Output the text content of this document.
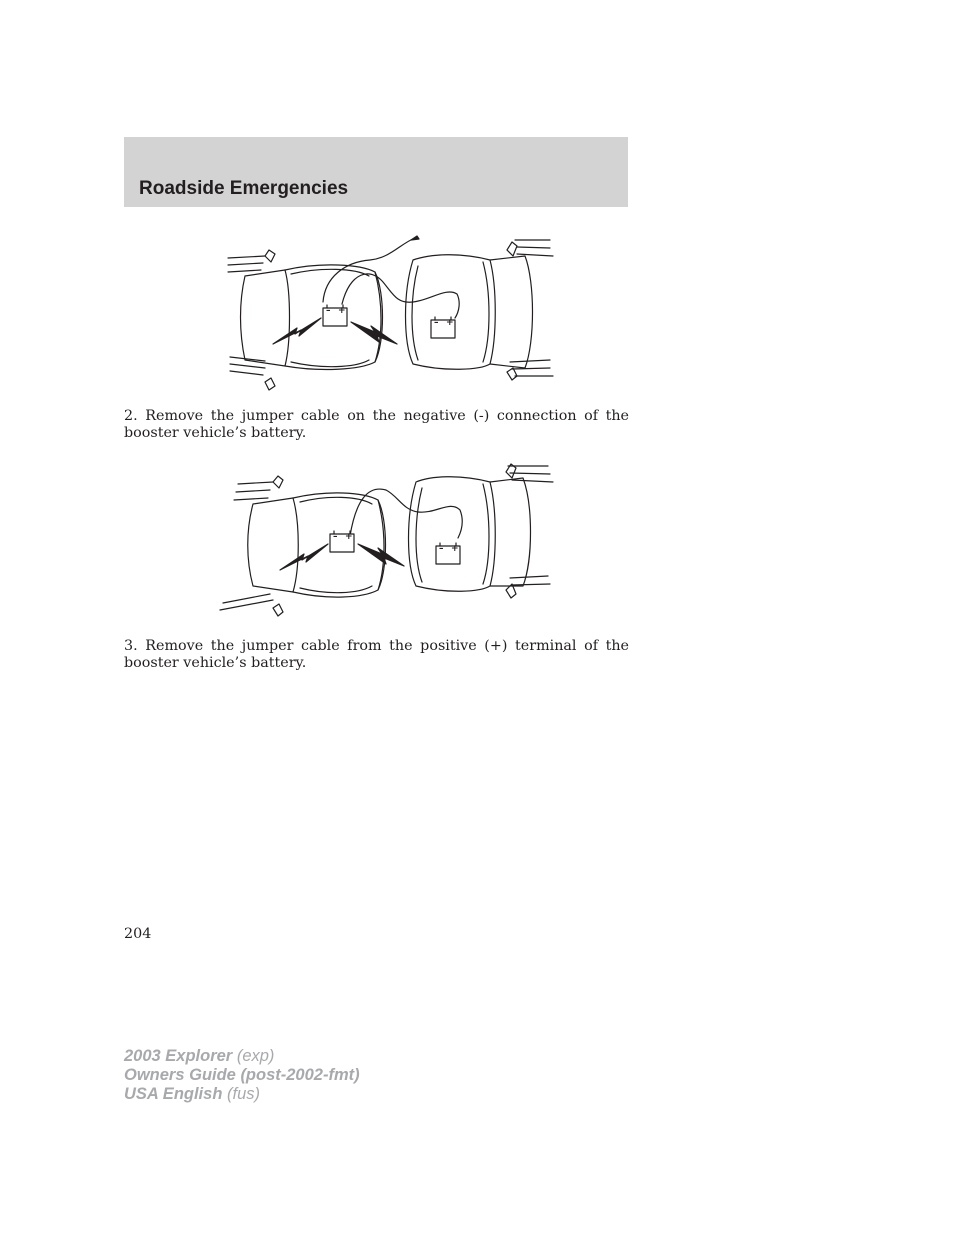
Roadside Emergencies
– +
– +

2. Remove the jumper cable on the negative (-) connection of the booster vehicle’s battery.

– +
– +

3. Remove the jumper cable from the positive (+) terminal of the booster vehicle’s battery.

204
2003 Explorer (exp)
Owners Guide (post-2002-fmt)
USA English (fus)
